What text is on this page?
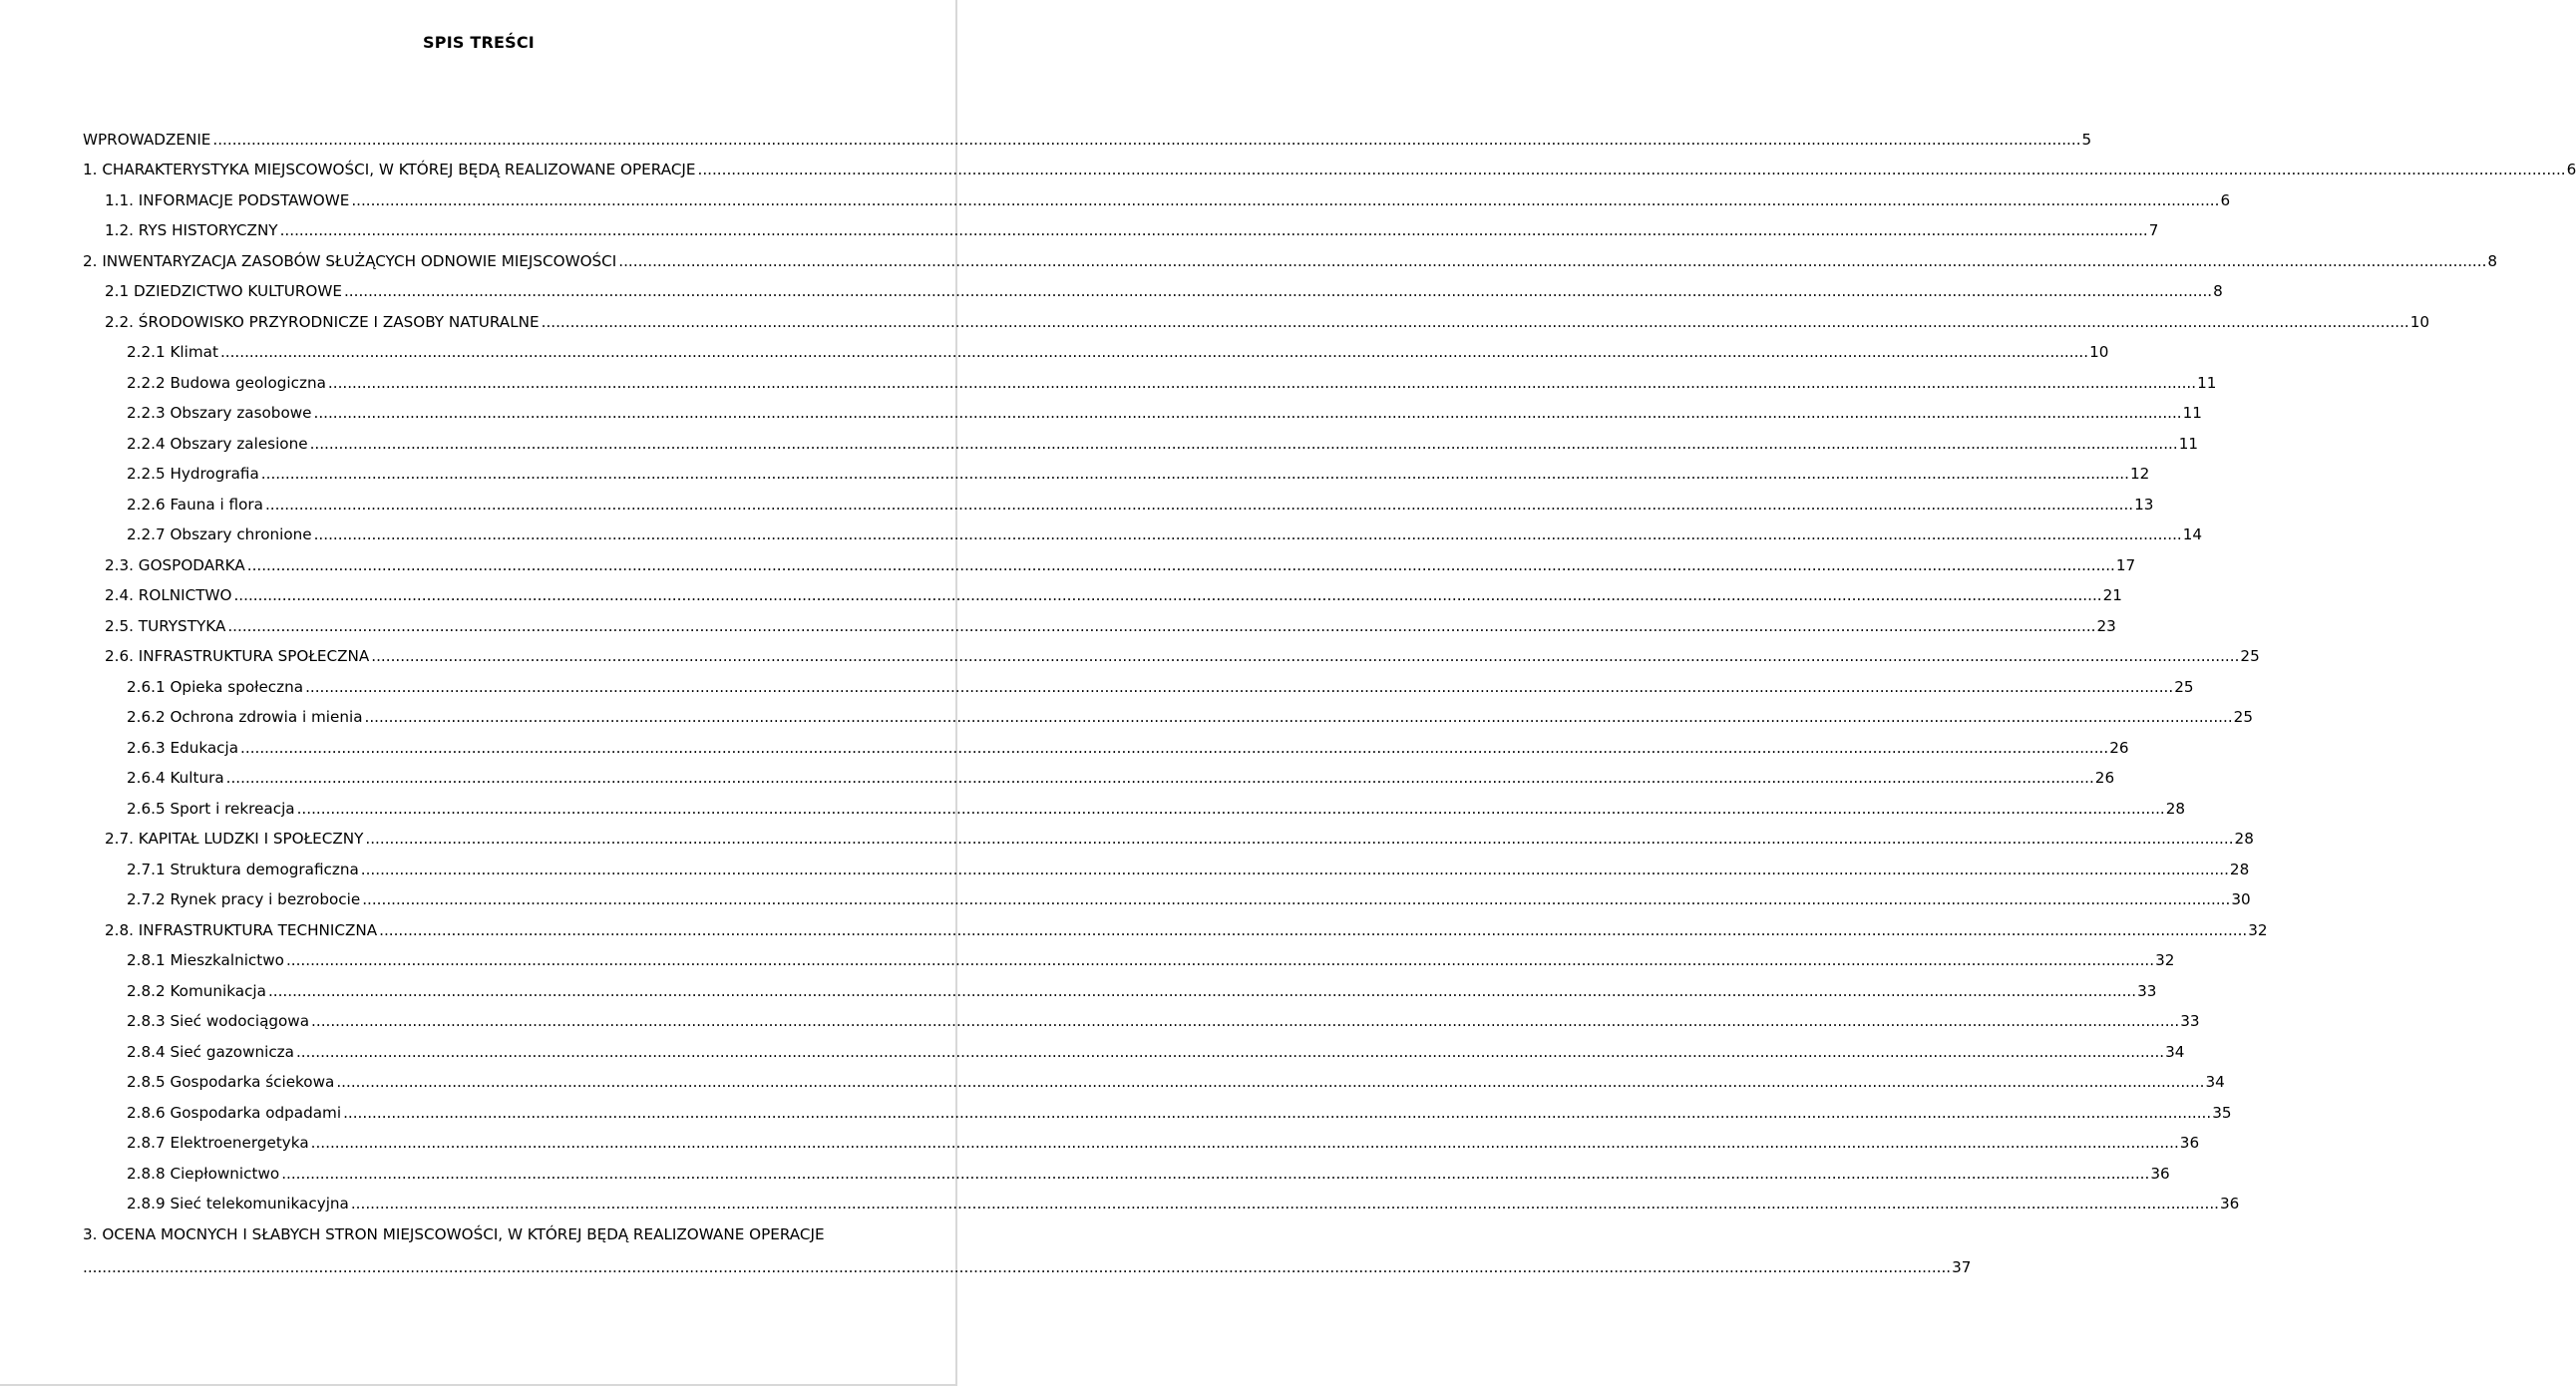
SPIS TREŚCI
WPROWADZENIE .................................................................................................................................................................................................................................................................................................................................................................................................... 5
1. CHARAKTERYSTYKA MIEJSCOWOŚCI, W KTÓREJ BĘDĄ REALIZOWANE OPERACJE .................................................................................................................................................................................................................................................................................................................................................................................................... 6
1.1. INFORMACJE PODSTAWOWE .................................................................................................................................................................................................................................................................................................................................................................................................... 6
1.2. RYS HISTORYCZNY .................................................................................................................................................................................................................................................................................................................................................................................................... 7
2. INWENTARYZACJA ZASOBÓW SŁUŻĄCYCH ODNOWIE MIEJSCOWOŚCI .................................................................................................................................................................................................................................................................................................................................................................................................... 8
2.1 DZIEDZICTWO KULTUROWE .................................................................................................................................................................................................................................................................................................................................................................................................... 8
2.2. ŚRODOWISKO PRZYRODNICZE I ZASOBY NATURALNE .................................................................................................................................................................................................................................................................................................................................................................................................... 10
2.2.1 Klimat .................................................................................................................................................................................................................................................................................................................................................................................................... 10
2.2.2 Budowa geologiczna .................................................................................................................................................................................................................................................................................................................................................................................................... 11
2.2.3 Obszary zasobowe .................................................................................................................................................................................................................................................................................................................................................................................................... 11
2.2.4 Obszary zalesione .................................................................................................................................................................................................................................................................................................................................................................................................... 11
2.2.5 Hydrografia .................................................................................................................................................................................................................................................................................................................................................................................................... 12
2.2.6 Fauna i flora .................................................................................................................................................................................................................................................................................................................................................................................................... 13
2.2.7 Obszary chronione .................................................................................................................................................................................................................................................................................................................................................................................................... 14
2.3. GOSPODARKA .................................................................................................................................................................................................................................................................................................................................................................................................... 17
2.4. ROLNICTWO .................................................................................................................................................................................................................................................................................................................................................................................................... 21
2.5. TURYSTYKA .................................................................................................................................................................................................................................................................................................................................................................................................... 23
2.6. INFRASTRUKTURA SPOŁECZNA .................................................................................................................................................................................................................................................................................................................................................................................................... 25
2.6.1 Opieka społeczna .................................................................................................................................................................................................................................................................................................................................................................................................... 25
2.6.2 Ochrona zdrowia i mienia .................................................................................................................................................................................................................................................................................................................................................................................................... 25
2.6.3 Edukacja .................................................................................................................................................................................................................................................................................................................................................................................................... 26
2.6.4 Kultura .................................................................................................................................................................................................................................................................................................................................................................................................... 26
2.6.5 Sport i rekreacja .................................................................................................................................................................................................................................................................................................................................................................................................... 28
2.7. KAPITAŁ LUDZKI I SPOŁECZNY .................................................................................................................................................................................................................................................................................................................................................................................................... 28
2.7.1 Struktura demograficzna .................................................................................................................................................................................................................................................................................................................................................................................................... 28
2.7.2 Rynek pracy i bezrobocie .................................................................................................................................................................................................................................................................................................................................................................................................... 30
2.8. INFRASTRUKTURA TECHNICZNA .................................................................................................................................................................................................................................................................................................................................................................................................... 32
2.8.1 Mieszkalnictwo .................................................................................................................................................................................................................................................................................................................................................................................................... 32
2.8.2 Komunikacja .................................................................................................................................................................................................................................................................................................................................................................................................... 33
2.8.3 Sieć wodociągowa .................................................................................................................................................................................................................................................................................................................................................................................................... 33
2.8.4 Sieć gazownicza .................................................................................................................................................................................................................................................................................................................................................................................................... 34
2.8.5 Gospodarka ściekowa .................................................................................................................................................................................................................................................................................................................................................................................................... 34
2.8.6 Gospodarka odpadami .................................................................................................................................................................................................................................................................................................................................................................................................... 35
2.8.7 Elektroenergetyka .................................................................................................................................................................................................................................................................................................................................................................................................... 36
2.8.8 Ciepłownictwo .................................................................................................................................................................................................................................................................................................................................................................................................... 36
2.8.9 Sieć telekomunikacyjna .................................................................................................................................................................................................................................................................................................................................................................................................... 36
3. OCENA MOCNYCH I SŁABYCH STRON MIEJSCOWOŚCI, W KTÓREJ BĘDĄ REALIZOWANE OPERACJE
.................................................................................................................................................................................................................................................................................................................................................................................................... 37
